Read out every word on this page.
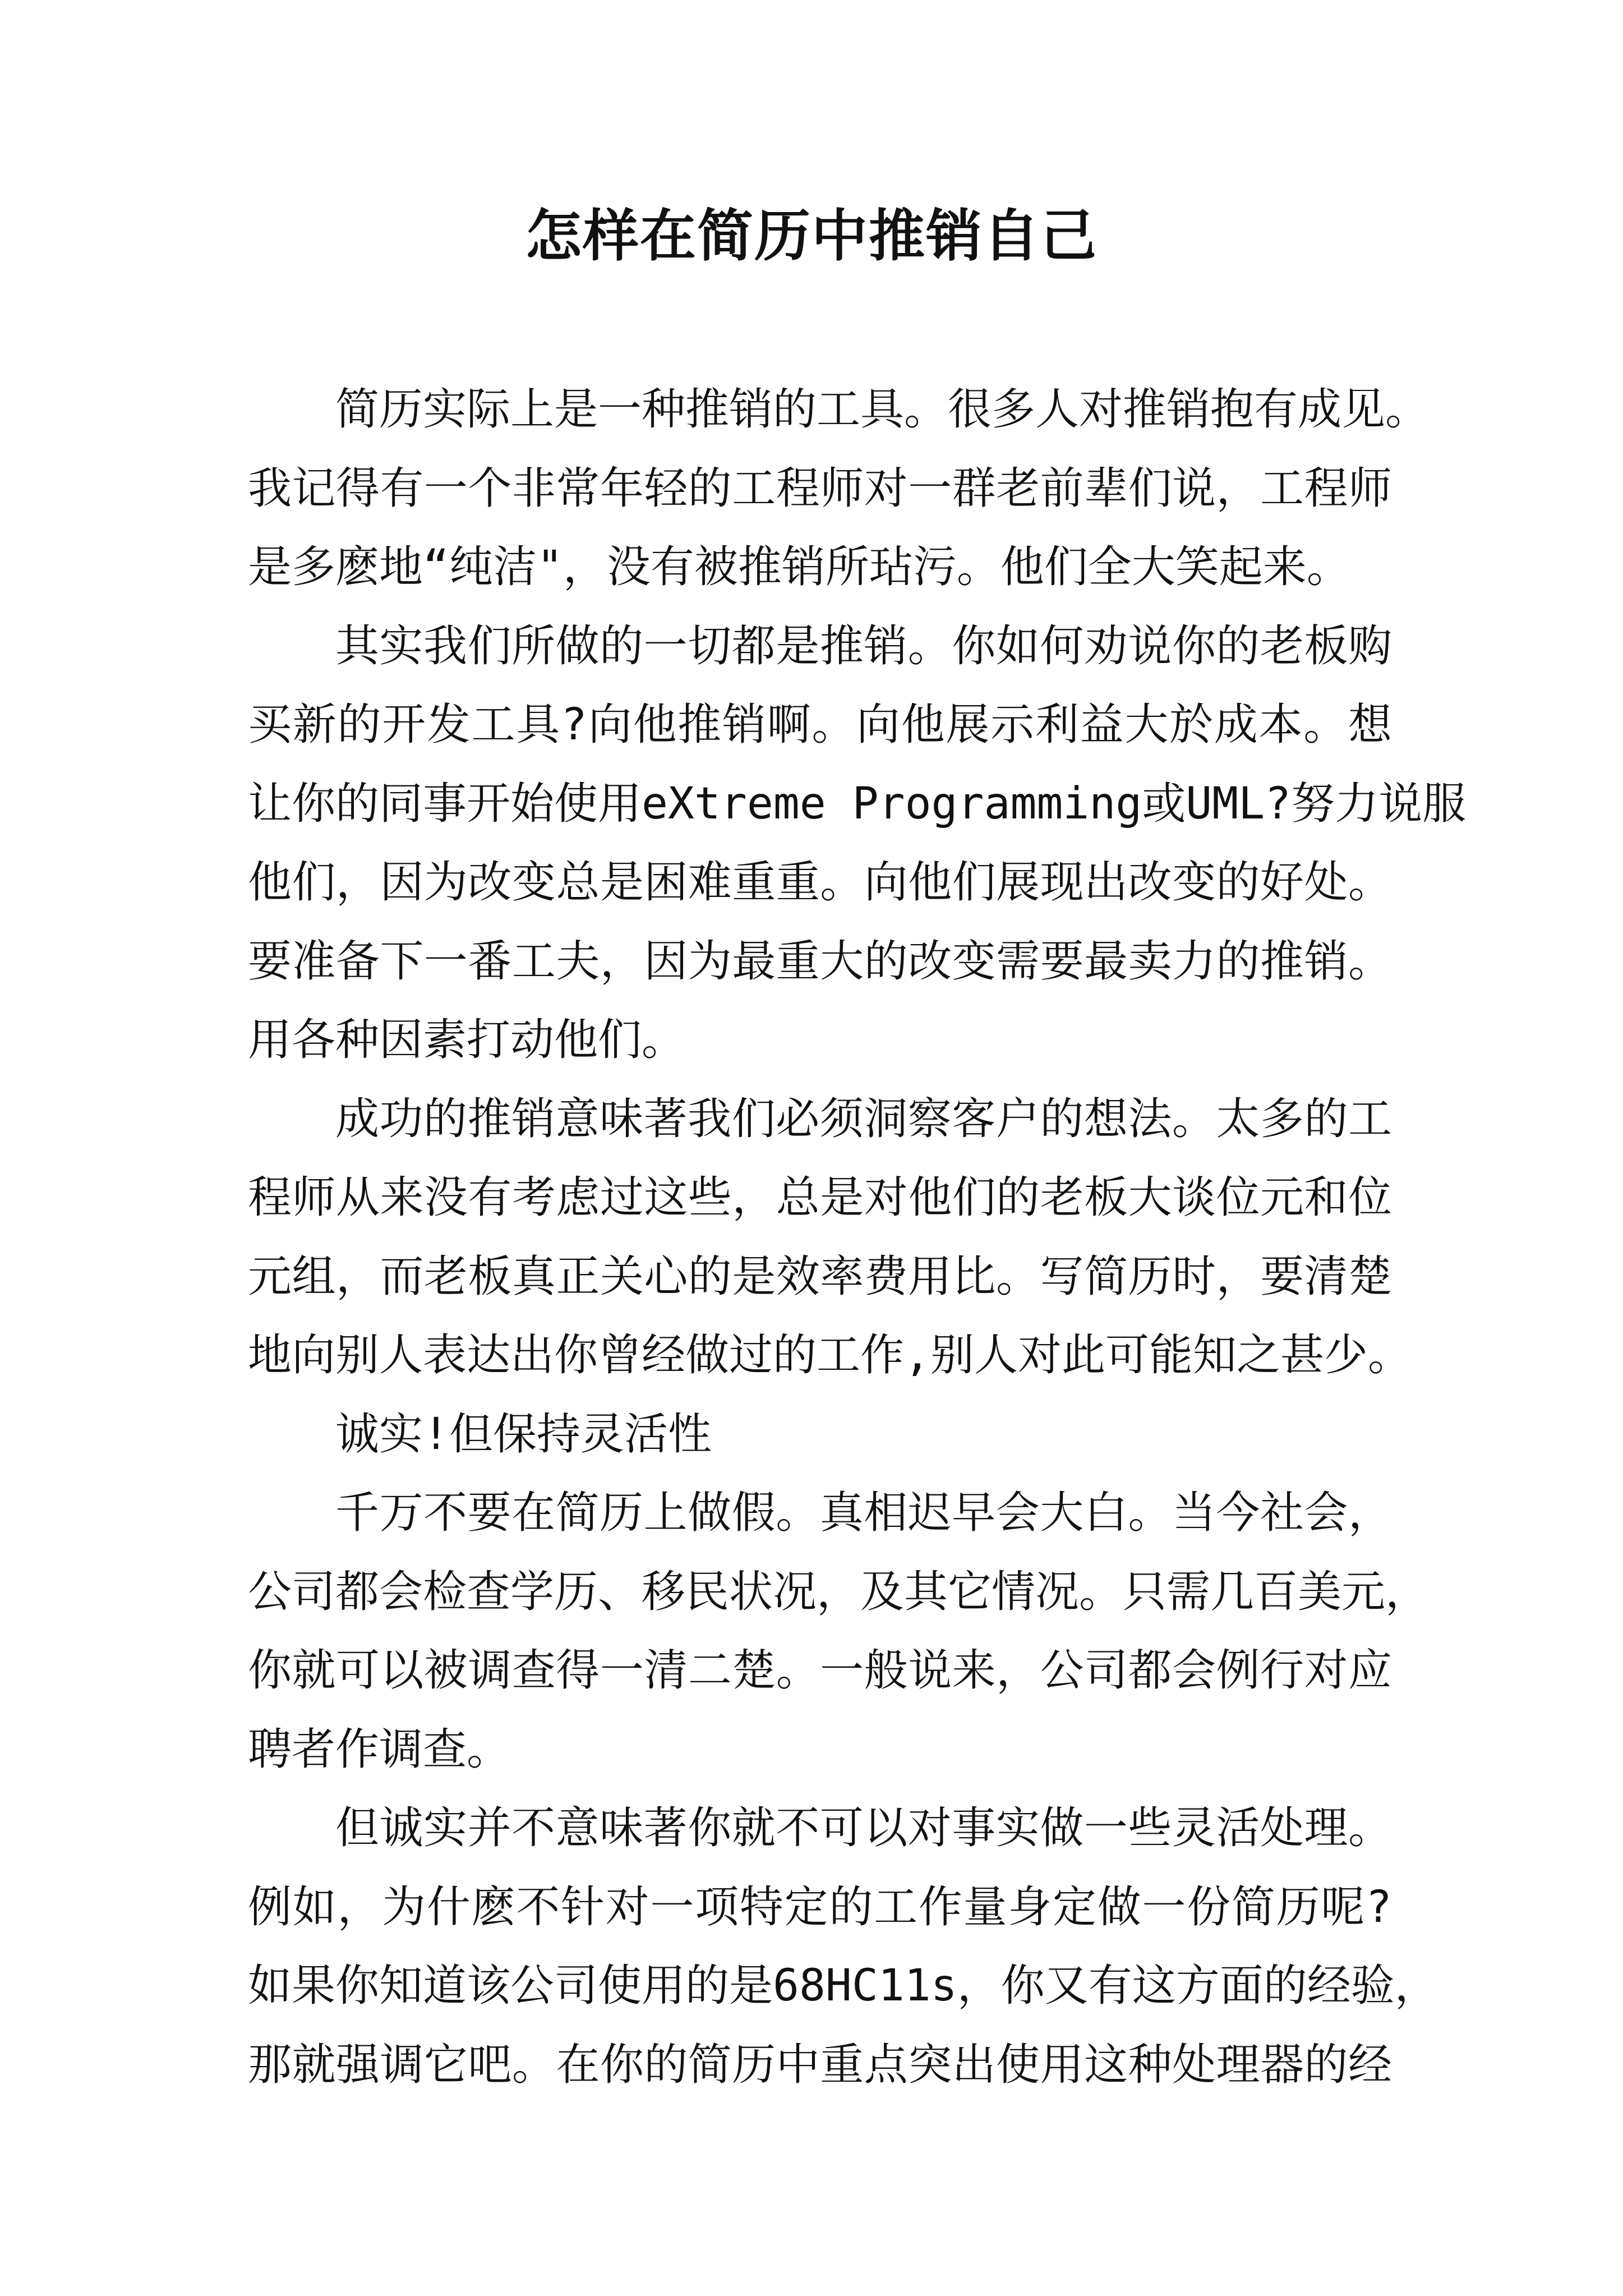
怎样在简历中推销自己

简历实际上是一种推销的工具。很多人对推销抱有成见。
我记得有一个非常年轻的工程师对一群老前辈们说，工程师
是多麽地“纯洁"，没有被推销所玷污。他们全大笑起来。

其实我们所做的一切都是推销。你如何劝说你的老板购
买新的开发工具?向他推销啊。向他展示利益大於成本。想
让你的同事开始使用eXtreme Programming或UML?努力说服
他们，因为改变总是困难重重。向他们展现出改变的好处。
要准备下一番工夫，因为最重大的改变需要最卖力的推销。
用各种因素打动他们。

成功的推销意味著我们必须洞察客户的想法。太多的工
程师从来没有考虑过这些，总是对他们的老板大谈位元和位
元组，而老板真正关心的是效率费用比。写简历时，要清楚
地向别人表达出你曾经做过的工作,别人对此可能知之甚少。

诚实!但保持灵活性

千万不要在简历上做假。真相迟早会大白。当今社会，
公司都会检查学历、移民状况，及其它情况。只需几百美元，
你就可以被调查得一清二楚。一般说来，公司都会例行对应
聘者作调查。

但诚实并不意味著你就不可以对事实做一些灵活处理。
例如，为什麽不针对一项特定的工作量身定做一份简历呢?
如果你知道该公司使用的是68HC11s，你又有这方面的经验，
那就强调它吧。在你的简历中重点突出使用这种处理器的经
